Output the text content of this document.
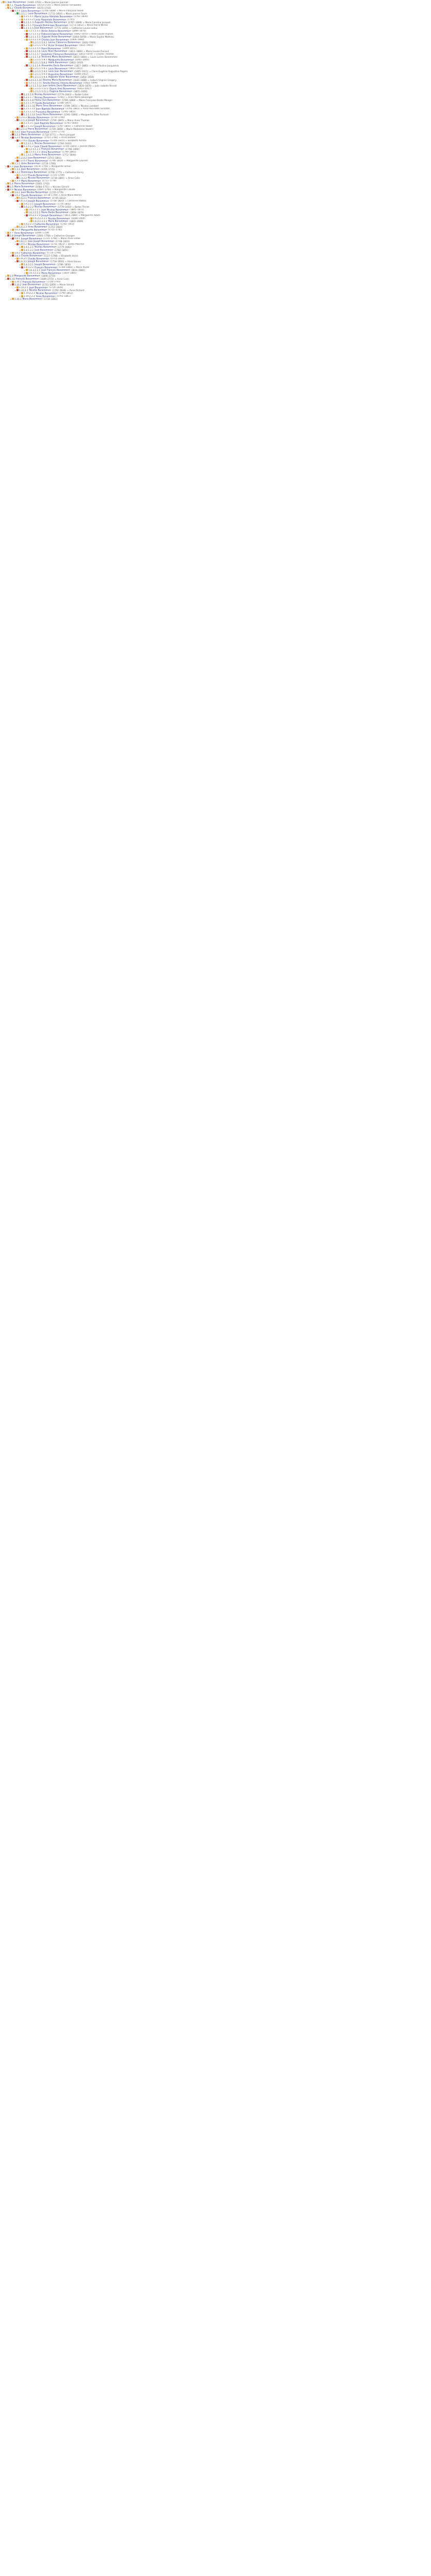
▸ 1 Jean Benemmerr (1649–1703) ∞ Marie Jeanne Jeannot
▸ 1.1 Claude Benemmerr (1673–1735) ∞ Marie Jeanne Fernandez
▸ 1.2 Claude Benemmerr (1675–1743)
▸ 1.2.1 Louis Benemmerr (1704–1808) ∞ Marie Françoise Vénet
▸ 1.2.1.1 Louis Benemmerr (1731–1816) ∞ Marie Jeanne Faure
▸ 1.2.1.1.1 Marie Louise Adélaïde Benemmerr (1762–1830)
▸ 1.2.1.1.2 Louis Hyppolyte Benemmerr (1765)
▸ 1.2.1.1.3 Augustin Nicolas Benemmerr (1767–1848) ∞ Marie Caroline Jacquot
▸ 1.2.1.1.4 Joseph Dominique Benemmerr (1771–1852) ∞ Marie Pierre Michel
▸ 1.2.1.1.5 Jean Benemmerr (1774–1854) ∞ Catherine Louise Leduc
▸ 1.2.1.1.5.1 Victor Antoine Benemmerr (1800–1870)
▸ 1.2.1.1.5.2 Edmond Gabriel Benemmerr (1802–1875) ∞ Rose Louise Dupuis
▸ 1.2.1.1.5.3 Auguste Victor Benemmerr (1804–1878) ∞ Marie Sophie Mathieu
▸ 1.2.1.1.5.4 Charles Jean Benemmerr (1806–1880)
▸ 1.2.1.1.5.4.1 Louise Clémence Benemmerr (1832–1900)
▸ 1.2.1.1.5.4.2 Victor Armand Benemmerr (1835–1901)
▸ 1.2.1.1.5.5 Henri Benemmerr (1809–1871)
▸ 1.2.1.1.5.6 Louis Henri Benemmerr (1811–1880) ∞ Marie Louise Durand
▸ 1.2.1.1.5.7 Joséphine Clémence Benemmerr (1813–1870) ∞ Charles Thomas
▸ 1.2.1.1.5.8 Victorine Marie Benemmerr (1815–1884) ∞ Louis Lucien Benemmerr
▸ 1.2.1.1.5.8.1 Marguerite Benemmerr (1841–1905)
▸ 1.2.1.1.5.8.2 Adèle Benemmerr (1843–1910)
▸ 1.2.1.1.5.9 Alexandre Denis Benemmerr (1817–1885) ∞ Marie Pauline Jacquemin
▸ 1.2.1.1.5.9.1 Louis Benemmerr (1843–1911)
▸ 1.2.1.1.5.9.2 Louis Jean Benemmerr (1845–1921) ∞ Claire Eugénie Augustine Rogers
▸ 1.2.1.1.5.9.3 Augustine Benemmerr (1848–1912)
▸ 1.2.1.1.5.9.4 Augustin Victor Benemmerr (1850–1919)
▸ 1.2.1.1.5.10 Désirée Marie Benemmerr (1820–1888) ∞ Isidore Virginie Gregory
▸ 1.2.1.1.5.11 Amélie Désirée Victoire Benemmerr (1822–1899)
▸ 1.2.1.1.5.12 Jean Isidore Denis Benemmerr (1824–1876) ∞ Julie Isabelle Vinceil
▸ 1.2.1.1.5.12.1 Désiré Amé Benemmerr (1852–1917)
▸ 1.2.1.1.5.12.2 Eugénie Benemmerr (1855–1926)
▸ 1.2.1.1.6 Nicolas Benemmerr (1779–1843) ∞ Barbe Collet
▸ 1.2.1.1.7 Nicolas Benemmerr (1781) ∞ Anne Marie Boulanger
▸ 1.2.1.1.8 Pierre Clair Benemmerr (1784–1868) ∞ Marie Françoise Barbe Mangin
▸ 1.2.1.1.9 Claude Benemmerr (1786–1857)
▸ 1.2.1.1.10 Marie Anne Benemmerr (1789–1851) ∞ Nicolas Lambert
▸ 1.2.1.1.11 Jean Baptiste Benemmerr (1791–1863) ∞ Anne Henriette Girardot
▸ 1.2.1.1.12 Françoise Benemmerr (1793–1852)
▸ 1.2.1.1.13 Louis Pierre Benemmerr (1795–1866) ∞ Marguerite Zélie Richard
▸ 1.2.1.2 Nicolas Benemmerr (1734–1790)
▸ 1.2.1.3 Joseph Benemmerr (1736–1805) ∞ Marie Anne Thomas
▸ 1.2.1.3.1 Jean Baptiste Benemmerr (1765–1830)
▸ 1.2.1.3.2 Joseph Benemmerr (1767–1841) ∞ Catherine Rosier
▸ 1.2.1.4 Pierre Benemmerr (1739–1808) ∞ Marie Madeleine Vautrin
▸ 1.2.2 Jean François Benemmerr (1707–1774)
▸ 1.2.3 Marie Benemmerr (1710–1771) ∞ Pierre Jacquot
▸ 1.2.4 Nicolas Benemmerr (1713–1782) ∞ Anne Barbier
▸ 1.2.4.1 Claude Benemmerr (1740–1810) ∞ Elisabeth Pierron
▸ 1.2.4.1.1 Nicolas Benemmerr (1766–1830)
▸ 1.2.4.1.2 Jean Claude Benemmerr (1769–1844) ∞ Jeanne Martin
▸ 1.2.4.1.2.1 François Benemmerr (1796–1860)
▸ 1.2.4.1.2.2 Anne Benemmerr (1799–1865)
▸ 1.2.4.1.3 Marie Anne Benemmerr (1772–1849)
▸ 1.2.4.2 Jean Benemmerr (1743–1801)
▸ 1.2.4.3 Pierre Benemmerr (1746–1819) ∞ Marguerite Laurent
▸ 1.2.5 Anne Benemmerr (1716–1780)
▸ 1.3 Jean Benemmerr (1678–1740) ∞ Marguerite Simon
▸ 1.3.1 Jean Benemmerr (1705–1770)
▸ 1.3.2 Dominique Benemmerr (1708–1775) ∞ Catherine Henry
▸ 1.3.2.1 Claude Benemmerr (1735–1799)
▸ 1.3.2.2 Nicolas Benemmerr (1738–1801) ∞ Anne Colin
▸ 1.3.3 Marie Benemmerr (1711–1779)
▸ 1.4 Pierre Benemmerr (1681–1742)
▸ 1.5 Marie Benemmerr (1684–1751) ∞ Nicolas Gérard
▸ 1.6 Nicolas Benemmerr (1687–1760) ∞ Marguerite Claude
▸ 1.6.1 Jean Nicolas Benemmerr (1715–1779)
▸ 1.6.2 Claude Benemmerr (1718–1790) ∞ Anne Marie Michel
▸ 1.6.2.1 François Benemmerr (1745–1812)
▸ 1.6.2.2 Joseph Benemmerr (1748–1820) ∞ Catherine Mathis
▸ 1.6.2.2.1 Joseph Benemmerr (1776–1842)
▸ 1.6.2.2.2 Nicolas Benemmerr (1779–1850) ∞ Barbe Thiriet
▸ 1.6.2.2.2.1 Jean Nicolas Benemmerr (1805–1872)
▸ 1.6.2.2.2.2 Marie Barbe Benemmerr (1808–1879)
▸ 1.6.2.2.2.3 Joseph Benemmerr (1811–1880) ∞ Marguerite Adam
▸ 1.6.2.2.2.3.1 Nicolas Benemmerr (1838–1900)
▸ 1.6.2.2.2.3.2 Marie Benemmerr (1841–1909)
▸ 1.6.2.2.3 Catherine Benemmerr (1782–1851)
▸ 1.6.2.3 Anne Benemmerr (1751–1819)
▸ 1.6.3 Marguerite Benemmerr (1721–1785)
▸ 1.7 Anne Benemmerr (1690–1759)
▸ 1.8 Joseph Benemmerr (1693–1768) ∞ Catherine Georges
▸ 1.8.1 Joseph Benemmerr (1721–1790) ∞ Marie Anne Didier
▸ 1.8.1.1 Jean Joseph Benemmerr (1748–1810)
▸ 1.8.1.2 Nicolas Benemmerr (1751–1823) ∞ Barbe Marchal
▸ 1.8.1.2.1 Nicolas Benemmerr (1779–1842)
▸ 1.8.1.2.2 Jean Benemmerr (1782–1851)
▸ 1.8.2 Catherine Benemmerr (1724–1790)
▸ 1.8.3 Claude Benemmerr (1727–1798) ∞ Elisabeth Voirin
▸ 1.8.3.1 Claude Benemmerr (1755–1823)
▸ 1.8.3.2 Joseph Benemmerr (1758–1830) ∞ Anne Hanus
▸ 1.8.3.2.1 Joseph Benemmerr (1786–1850)
▸ 1.8.3.2.2 François Benemmerr (1789–1860) ∞ Marie Poirot
▸ 1.8.3.2.2.1 Jean François Benemmerr (1816–1880)
▸ 1.8.3.2.2.2 Marie Benemmerr (1819–1885)
▸ 1.9 Marguerite Benemmerr (1696–1770)
▸ 1.10 François Benemmerr (1699–1772) ∞ Anne Colin
▸ 1.10.1 François Benemmerr (1728–1793)
▸ 1.10.2 Jean Benemmerr (1731–1800) ∞ Marie Gérard
▸ 1.10.2.1 Jean Benemmerr (1759–1830)
▸ 1.10.2.2 Nicolas Benemmerr (1762–1838) ∞ Anne Richard
▸ 1.10.2.2.1 Nicolas Benemmerr (1790–1852)
▸ 1.10.2.2.2 Anne Benemmerr (1793–1861)
▸ 1.10.3 Marie Benemmerr (1734–1802)
